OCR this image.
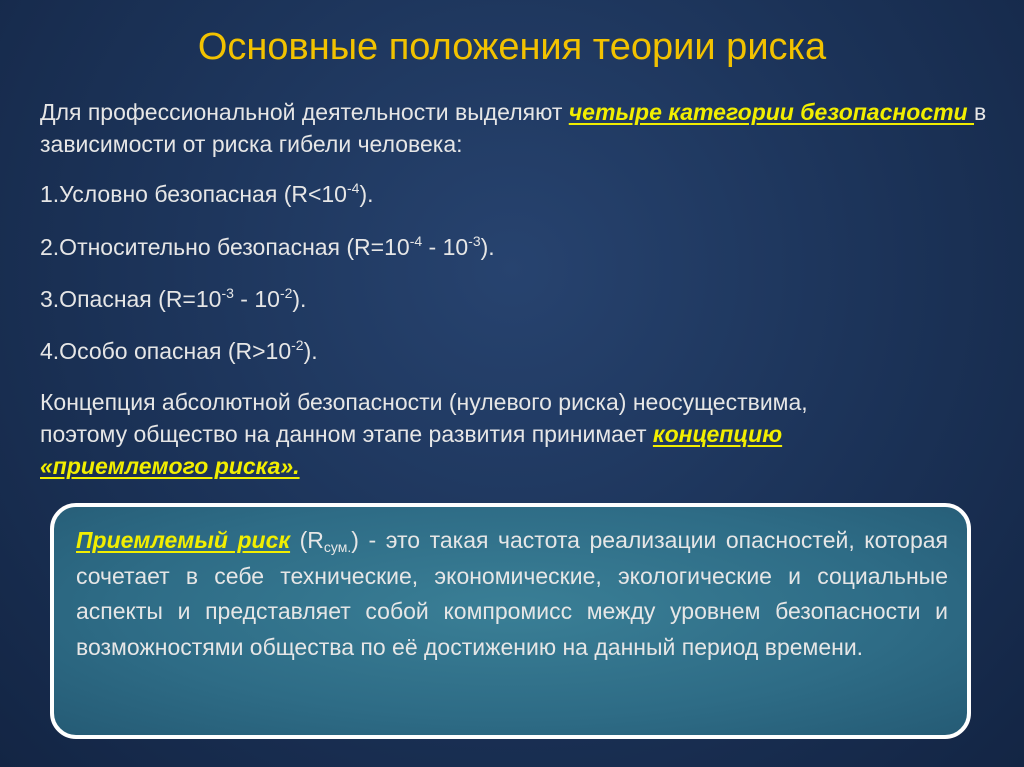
Основные положения теории риска

Для профессиональной деятельности выделяют четыре категории безопасности в зависимости от риска гибели человека:

1.Условно безопасная $(R<10^{-4})$.

2.Относительно безопасная $(R=10^{-4} - 10^{-3})$.

3.Опасная $(R=10^{-3} - 10^{-2})$.

4.Особо опасная $(R>10^{-2})$.

Концепция абсолютной безопасности (нулевого риска) неосуществима, поэтому общество на данном этапе развития принимает концепцию «приемлемого риска».

Приемлемый риск $(R_{сум.})$ - это такая частота реализации опасностей, которая сочетает в себе технические, экономические, экологические и социальные аспекты и представляет собой компромисс между уровнем безопасности и возможностями общества по её достижению на данный период времени.
